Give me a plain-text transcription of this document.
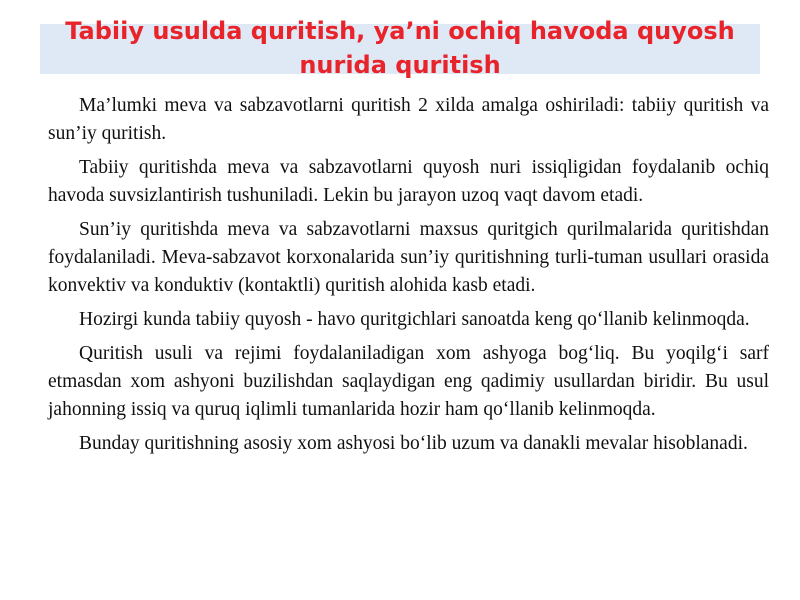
Tabiiy usulda quritish, ya’ni ochiq havoda quyosh nurida quritish

Ma’lumki meva va sabzavotlarni quritish 2 xilda amalga oshiriladi: tabiiy quritish va sun’iy quritish.

Tabiiy quritishda meva va sabzavotlarni quyosh nuri issiqligidan foydalanib ochiq havoda suvsizlantirish tushuniladi. Lekin bu jarayon uzoq vaqt davom etadi.

Sun’iy quritishda meva va sabzavotlarni maxsus quritgich qurilmalarida quritishdan foydalaniladi. Meva-sabzavot korxonalarida sun’iy quritishning turli-tuman usullari orasida konvektiv va konduktiv (kontaktli) quritish alohida kasb etadi.

Hozirgi kunda tabiiy quyosh - havo quritgichlari sanoatda keng qo‘llanib kelinmoqda.

Quritish usuli va rejimi foydalaniladigan xom ashyoga bog‘liq. Bu yoqilg‘i sarf etmasdan xom ashyoni buzilishdan saqlaydigan eng qadimiy usullardan biridir. Bu usul jahonning issiq va quruq iqlimli tumanlarida hozir ham qo‘llanib kelinmoqda.

Bunday quritishning asosiy xom ashyosi bo‘lib uzum va danakli mevalar hisoblanadi.
